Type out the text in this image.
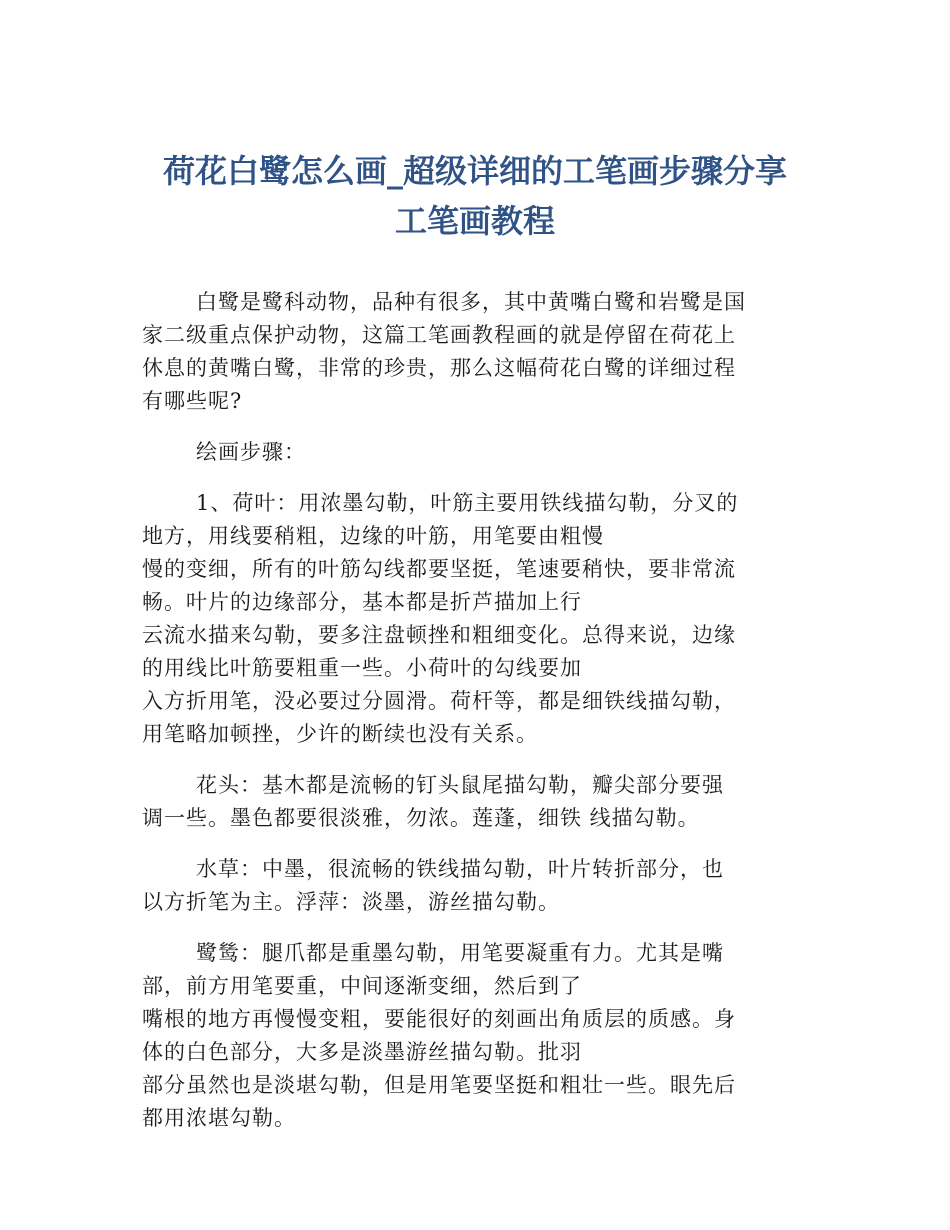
荷花白鹭怎么画_超级详细的工笔画步骤分享
工笔画教程

白鹭是鹭科动物，品种有很多，其中黄嘴白鹭和岩鹭是国
家二级重点保护动物，这篇工笔画教程画的就是停留在荷花上
休息的黄嘴白鹭，非常的珍贵，那么这幅荷花白鹭的详细过程
有哪些呢?

绘画步骤：

1、荷叶：用浓墨勾勒，叶筋主要用铁线描勾勒，分叉的
地方，用线要稍粗，边缘的叶筋，用笔要由粗慢
慢的变细，所有的叶筋勾线都要坚挺，笔速要稍快，要非常流
畅。叶片的边缘部分，基本都是折芦描加上行
云流水描来勾勒，要多注盘顿挫和粗细变化。总得来说，边缘
的用线比叶筋要粗重一些。小荷叶的勾线要加
入方折用笔，没必要过分圆滑。荷杆等，都是细铁线描勾勒，
用笔略加顿挫，少许的断续也没有关系。

花头：基木都是流畅的钉头鼠尾描勾勒，瓣尖部分要强
调一些。墨色都要很淡雅，勿浓。莲蓬，细铁 线描勾勒。

水草：中墨，很流畅的铁线描勾勒，叶片转折部分，也
以方折笔为主。浮萍：淡墨，游丝描勾勒。

鹭鸶：腿爪都是重墨勾勒，用笔要凝重有力。尤其是嘴
部，前方用笔要重，中间逐渐变细，然后到了
嘴根的地方再慢慢变粗，要能很好的刻画出角质层的质感。身
体的白色部分，大多是淡墨游丝描勾勒。批羽
部分虽然也是淡堪勾勒，但是用笔要坚挺和粗壮一些。眼先后
都用浓堪勾勒。
